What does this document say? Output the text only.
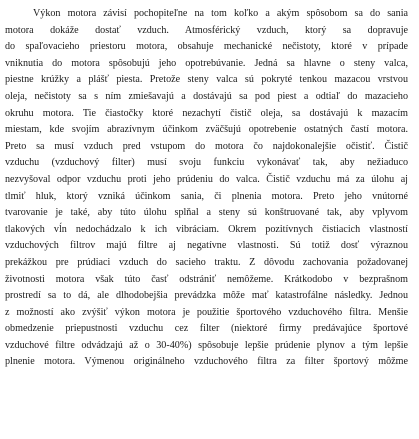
Výkon motora závisí pochopiteľne na tom koľko a akým spôsobom sa do sania
motora dokáže dostať vzduch. Atmosférický vzduch, ktorý sa dopravuje
do spaľovacieho priestoru motora, obsahuje mechanické nečistoty, ktoré v prípade
vniknutia do motora spôsobujú jeho opotrebúvanie. Jedná sa hlavne o steny valca,
piestne krúžky a plášť piesta. Pretože steny valca sú pokryté tenkou mazacou vrstvou
oleja, nečistoty sa s ním zmiešavajú a dostávajú sa pod piest a odtiaľ do mazacieho
okruhu motora. Tie čiastočky ktoré nezachytí čistič oleja, sa dostávajú k mazacím
miestam, kde svojím abrazívnym účinkom zväčšujú opotrebenie ostatných častí motora.
Preto sa musí vzduch pred vstupom do motora čo najdokonalejšie očistiť. Čistič
vzduchu (vzduchový filter) musí svoju funkciu vykonávať tak, aby nežiaduco
nezvyšoval odpor vzduchu proti jeho prúdeniu do valca. Čistič vzduchu má za úlohu aj
tlmiť hluk, ktorý vzniká účinkom sania, či plnenia motora. Preto jeho vnútorné
tvarovanie je také, aby túto úlohu splňal a steny sú konštruované tak, aby vplyvom
tlakových vĺn nedochádzalo k ich vibráciam. Okrem pozitívnych čistiacich vlastností
vzduchových filtrov majú filtre aj negatívne vlastnosti. Sú totiž dosť výraznou
prekážkou pre prúdiaci vzduch do sacieho traktu. Z dôvodu zachovania požadovanej
životnosti motora však túto časť odstrániť nemôžeme. Krátkodobo v bezprašnom
prostredí sa to dá, ale dlhodobejšia prevádzka môže mať katastrofálne následky. Jednou
z možností ako zvýšiť výkon motora je použitie športového vzduchového filtra. Menšie
obmedzenie priepustnosti vzduchu cez filter (niektoré firmy predávajúce športové
vzduchové filtre odvádzajú až o 30-40%) spôsobuje lepšie prúdenie plynov a tým lepšie
plnenie motora. Výmenou originálneho vzduchového filtra za filter športový môžme
